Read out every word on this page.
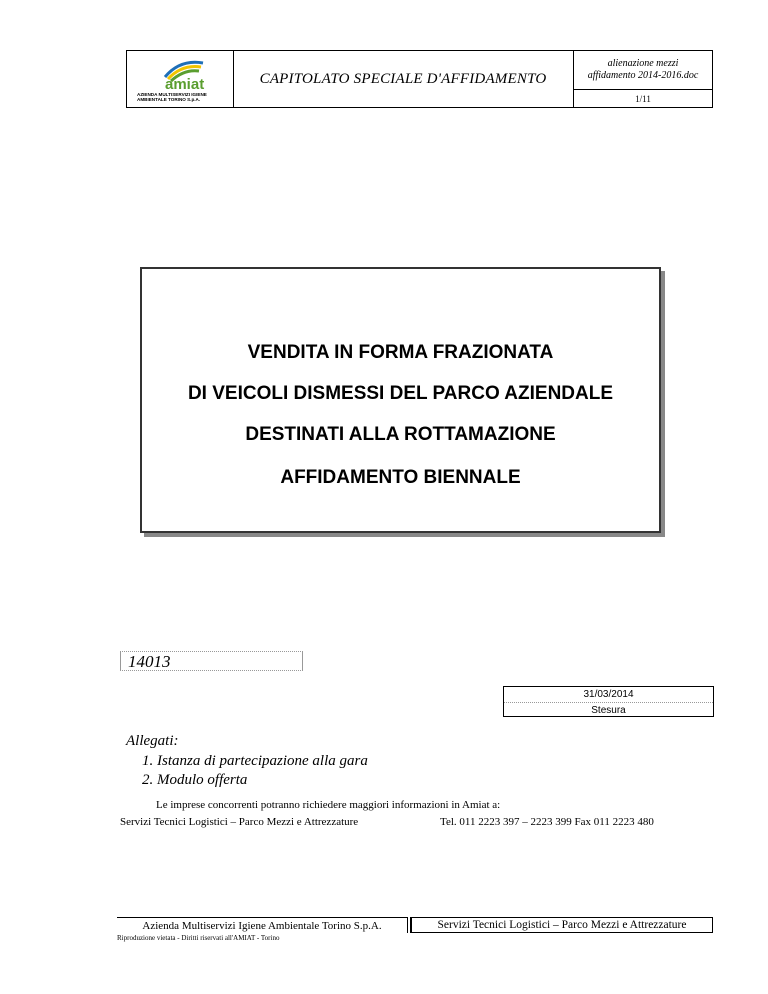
amiat
AZIENDA MULTISERVIZI IGIENE
AMBIENTALE TORINO S.p.A.
CAPITOLATO SPECIALE D'AFFIDAMENTO
alienazione mezzi
affidamento 2014-2016.doc
1/11
VENDITA IN FORMA FRAZIONATA
DI VEICOLI DISMESSI DEL PARCO AZIENDALE
DESTINATI ALLA ROTTAMAZIONE
AFFIDAMENTO BIENNALE
14013
31/03/2014
Stesura
Allegati:
1. Istanza di partecipazione alla gara
2. Modulo offerta
Le imprese concorrenti potranno richiedere maggiori informazioni in Amiat a:
Servizi Tecnici Logistici – Parco Mezzi e Attrezzature	Tel. 011 2223 397 – 2223 399 Fax 011 2223 480
Azienda Multiservizi Igiene Ambientale Torino S.p.A.	Servizi Tecnici Logistici – Parco Mezzi e Attrezzature
Riproduzione vietata - Diritti riservati all'AMIAT - Torino
